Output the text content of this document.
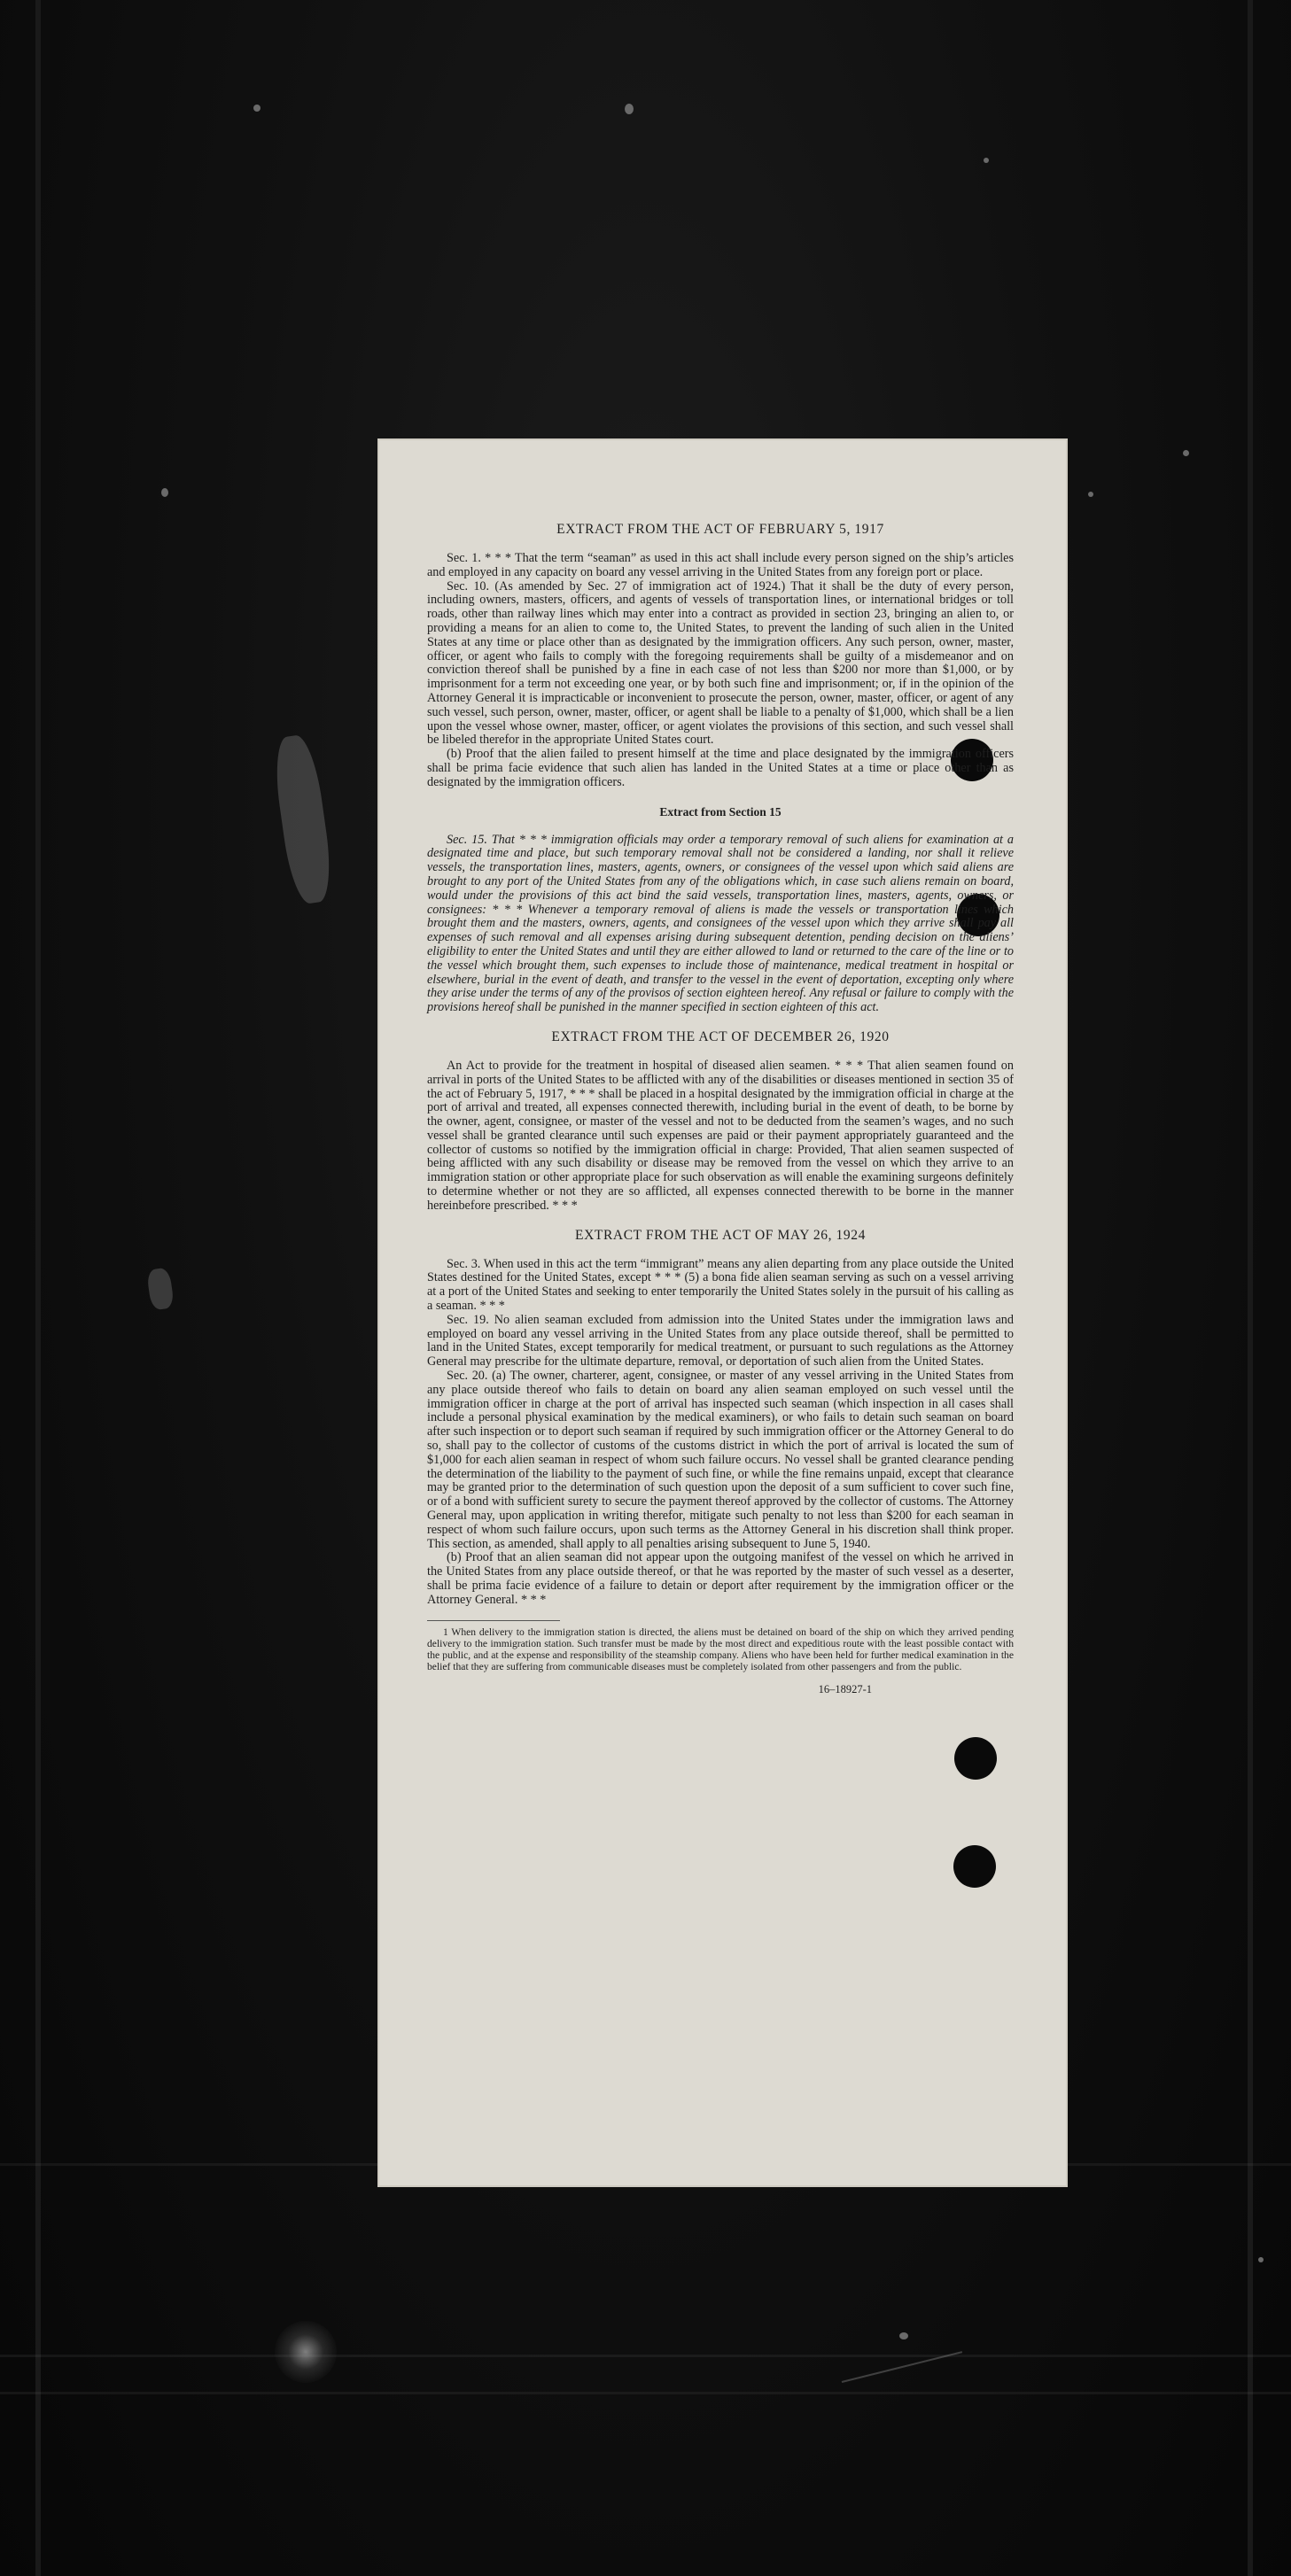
EXTRACT FROM THE ACT OF FEBRUARY 5, 1917

Sec. 1. * * * That the term “seaman” as used in this act shall include every person signed on the ship’s articles and employed in any capacity on board any vessel arriving in the United States from any foreign port or place.

Sec. 10. (As amended by Sec. 27 of immigration act of 1924.) That it shall be the duty of every person, including owners, masters, officers, and agents of vessels of transportation lines, or international bridges or toll roads, other than railway lines which may enter into a contract as provided in section 23, bringing an alien to, or providing a means for an alien to come to, the United States, to prevent the landing of such alien in the United States at any time or place other than as designated by the immigration officers. Any such person, owner, master, officer, or agent who fails to comply with the foregoing requirements shall be guilty of a misdemeanor and on conviction thereof shall be punished by a fine in each case of not less than $200 nor more than $1,000, or by imprisonment for a term not exceeding one year, or by both such fine and imprisonment; or, if in the opinion of the Attorney General it is impracticable or inconvenient to prosecute the person, owner, master, officer, or agent of any such vessel, such person, owner, master, officer, or agent shall be liable to a penalty of $1,000, which shall be a lien upon the vessel whose owner, master, officer, or agent violates the provisions of this section, and such vessel shall be libeled therefor in the appropriate United States court.

(b) Proof that the alien failed to present himself at the time and place designated by the immigration officers shall be prima facie evidence that such alien has landed in the United States at a time or place other than as designated by the immigration officers.

Extract from Section 15

Sec. 15. That * * * immigration officials may order a temporary removal of such aliens for examination at a designated time and place, but such temporary removal shall not be considered a landing, nor shall it relieve vessels, the transportation lines, masters, agents, owners, or consignees of the vessel upon which said aliens are brought to any port of the United States from any of the obligations which, in case such aliens remain on board, would under the provisions of this act bind the said vessels, transportation lines, masters, agents, owners, or consignees: * * * Whenever a temporary removal of aliens is made the vessels or transportation lines which brought them and the masters, owners, agents, and consignees of the vessel upon which they arrive shall pay all expenses of such removal and all expenses arising during subsequent detention, pending decision on the aliens’ eligibility to enter the United States and until they are either allowed to land or returned to the care of the line or to the vessel which brought them, such expenses to include those of maintenance, medical treatment in hospital or elsewhere, burial in the event of death, and transfer to the vessel in the event of deportation, excepting only where they arise under the terms of any of the provisos of section eighteen hereof. Any refusal or failure to comply with the provisions hereof shall be punished in the manner specified in section eighteen of this act.

EXTRACT FROM THE ACT OF DECEMBER 26, 1920

An Act to provide for the treatment in hospital of diseased alien seamen. * * * That alien seamen found on arrival in ports of the United States to be afflicted with any of the disabilities or diseases mentioned in section 35 of the act of February 5, 1917, * * * shall be placed in a hospital designated by the immigration official in charge at the port of arrival and treated, all expenses connected therewith, including burial in the event of death, to be borne by the owner, agent, consignee, or master of the vessel and not to be deducted from the seamen’s wages, and no such vessel shall be granted clearance until such expenses are paid or their payment appropriately guaranteed and the collector of customs so notified by the immigration official in charge: Provided, That alien seamen suspected of being afflicted with any such disability or disease may be removed from the vessel on which they arrive to an immigration station or other appropriate place for such observation as will enable the examining surgeons definitely to determine whether or not they are so afflicted, all expenses connected therewith to be borne in the manner hereinbefore prescribed. * * *

EXTRACT FROM THE ACT OF MAY 26, 1924

Sec. 3. When used in this act the term “immigrant” means any alien departing from any place outside the United States destined for the United States, except * * * (5) a bona fide alien seaman serving as such on a vessel arriving at a port of the United States and seeking to enter temporarily the United States solely in the pursuit of his calling as a seaman. * * *

Sec. 19. No alien seaman excluded from admission into the United States under the immigration laws and employed on board any vessel arriving in the United States from any place outside thereof, shall be permitted to land in the United States, except temporarily for medical treatment, or pursuant to such regulations as the Attorney General may prescribe for the ultimate departure, removal, or deportation of such alien from the United States.

Sec. 20. (a) The owner, charterer, agent, consignee, or master of any vessel arriving in the United States from any place outside thereof who fails to detain on board any alien seaman employed on such vessel until the immigration officer in charge at the port of arrival has inspected such seaman (which inspection in all cases shall include a personal physical examination by the medical examiners), or who fails to detain such seaman on board after such inspection or to deport such seaman if required by such immigration officer or the Attorney General to do so, shall pay to the collector of customs of the customs district in which the port of arrival is located the sum of $1,000 for each alien seaman in respect of whom such failure occurs. No vessel shall be granted clearance pending the determination of the liability to the payment of such fine, or while the fine remains unpaid, except that clearance may be granted prior to the determination of such question upon the deposit of a sum sufficient to cover such fine, or of a bond with sufficient surety to secure the payment thereof approved by the collector of customs. The Attorney General may, upon application in writing therefor, mitigate such penalty to not less than $200 for each seaman in respect of whom such failure occurs, upon such terms as the Attorney General in his discretion shall think proper. This section, as amended, shall apply to all penalties arising subsequent to June 5, 1940.

(b) Proof that an alien seaman did not appear upon the outgoing manifest of the vessel on which he arrived in the United States from any place outside thereof, or that he was reported by the master of such vessel as a deserter, shall be prima facie evidence of a failure to detain or deport after requirement by the immigration officer or the Attorney General. * * *

1 When delivery to the immigration station is directed, the aliens must be detained on board of the ship on which they arrived pending delivery to the immigration station. Such transfer must be made by the most direct and expeditious route with the least possible contact with the public, and at the expense and responsibility of the steamship company. Aliens who have been held for further medical examination in the belief that they are suffering from communicable diseases must be completely isolated from other passengers and from the public.

16–18927-1
